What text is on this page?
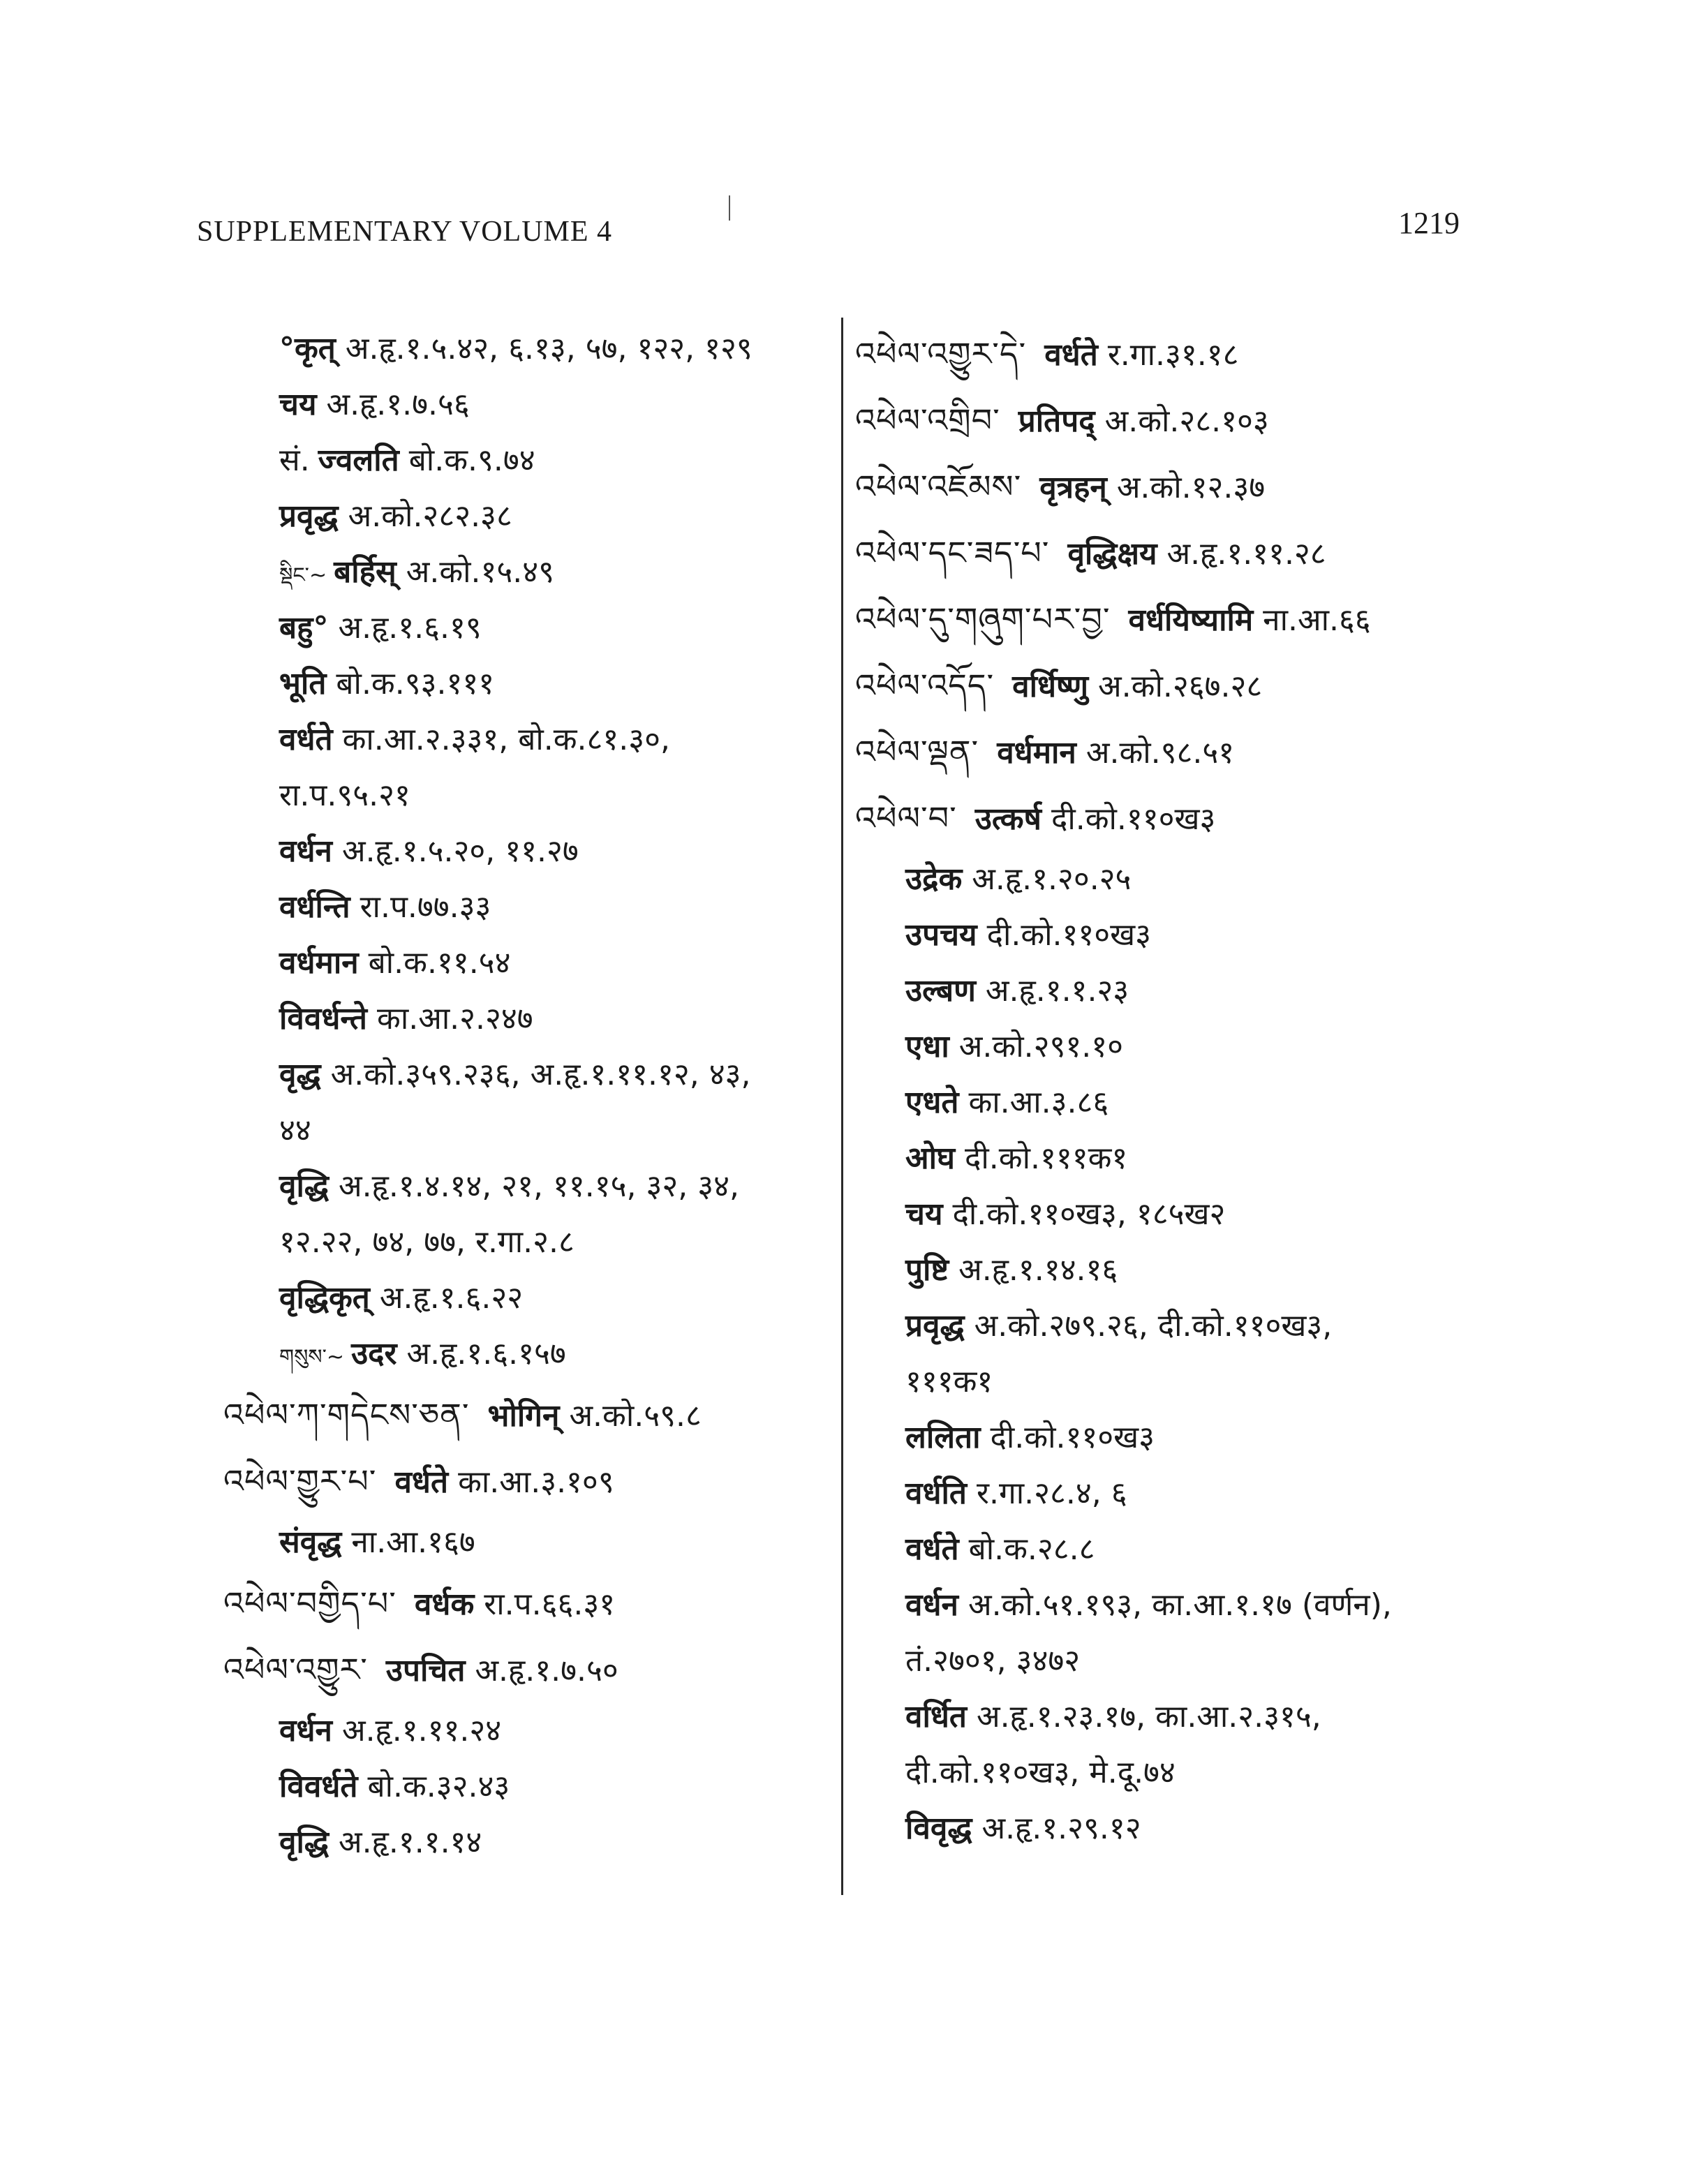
SUPPLEMENTARY VOLUME 4	1219
°कृत् अ.हृ.१.५.४२, ६.१३, ५७, १२२, १२९
चय अ.हृ.१.७.५६
सं. ज्वलति बो.क.९.७४
प्रवृद्ध अ.को.२८२.३८
སྡིང་~ बर्हिस् अ.को.१५.४९
बहु° अ.हृ.१.६.१९
भूति बो.क.९३.१११
वर्धते का.आ.२.३३१, बो.क.८१.३०,
रा.प.९५.२१
वर्धन अ.हृ.१.५.२०, ११.२७
वर्धन्ति रा.प.७७.३३
वर्धमान बो.क.११.५४
विवर्धन्ते का.आ.२.२४७
वृद्ध अ.को.३५९.२३६, अ.हृ.१.११.१२, ४३,
४४
वृद्धि अ.हृ.१.४.१४, २१, ११.१५, ३२, ३४,
१२.२२, ७४, ७७, र.गा.२.८
वृद्धिकृत् अ.हृ.१.६.२२
གསུས་~ उदर अ.हृ.१.६.१५७
འཕེལ་ཀ་གདེངས་ཅན་ भोगिन् अ.को.५९.८
འཕེལ་གྱུར་པ་ वर्धते का.आ.३.१०९
संवृद्ध ना.आ.१६७
འཕེལ་བགྱིད་པ་ वर्धक रा.प.६६.३१
འཕེལ་འགྱུར་ उपचित अ.हृ.१.७.५०
वर्धन अ.हृ.१.११.२४
विवर्धते बो.क.३२.४३
वृद्धि अ.हृ.१.१.१४
འཕེལ་འགྱུར་དེ་ वर्धते र.गा.३१.१८
འཕེལ་འགྲིབ་ प्रतिपद् अ.को.२८.१०३
འཕེལ་འཇོམས་ वृत्रहन् अ.को.१२.३७
འཕེལ་དང་ཟད་པ་ वृद्धिक्षय अ.हृ.१.११.२८
འཕེལ་དུ་གཞུག་པར་བྱ་ वर्धयिष्यामि ना.आ.६६
འཕེལ་འདོད་ वर्धिष्णु अ.को.२६७.२८
འཕེལ་ལྡན་ वर्धमान अ.को.९८.५१
འཕེལ་བ་ उत्कर्ष दी.को.११०ख३
उद्रेक अ.हृ.१.२०.२५
उपचय दी.को.११०ख३
उल्बण अ.हृ.१.१.२३
एधा अ.को.२९१.१०
एधते का.आ.३.८६
ओघ दी.को.१११क१
चय दी.को.११०ख३, १८५ख२
पुष्टि अ.हृ.१.१४.१६
प्रवृद्ध अ.को.२७९.२६, दी.को.११०ख३,
१११क१
ललिता दी.को.११०ख३
वर्धति र.गा.२८.४, ६
वर्धते बो.क.२८.८
वर्धन अ.को.५१.१९३, का.आ.१.१७ (वर्णन),
तं.२७०१, ३४७२
वर्धित अ.हृ.१.२३.१७, का.आ.२.३१५,
दी.को.११०ख३, मे.दू.७४
विवृद्ध अ.हृ.१.२९.१२
